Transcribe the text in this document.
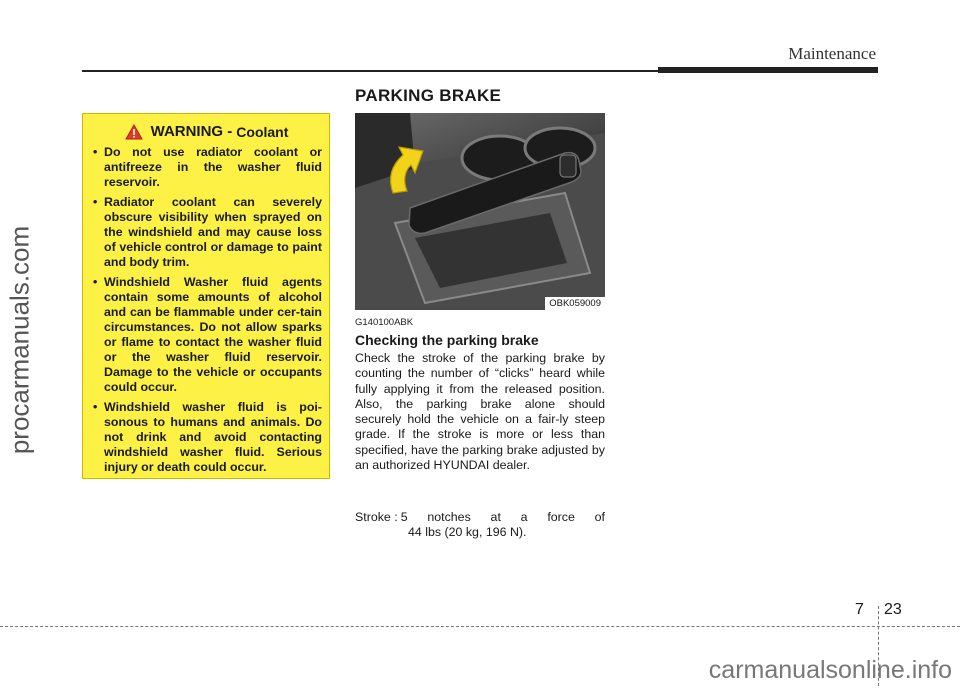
Maintenance
procarmanuals.com
WARNING - Coolant
• Do not use radiator coolant or antifreeze in the washer fluid reservoir.
• Radiator coolant can severely obscure visibility when sprayed on the windshield and may cause loss of vehicle control or damage to paint and body trim.
• Windshield Washer fluid agents contain some amounts of alcohol and can be flammable under cer-tain circumstances. Do not allow sparks or flame to contact the washer fluid or the washer fluid reservoir. Damage to the vehicle or occupants could occur.
• Windshield washer fluid is poi-sonous to humans and animals. Do not drink and avoid contacting windshield washer fluid. Serious injury or death could occur.
PARKING BRAKE
OBK059009
G140100ABK
Checking the parking brake

Check the stroke of the parking brake by counting the number of “clicks” heard while fully applying it from the released position. Also, the parking brake alone should securely hold the vehicle on a fair-ly steep grade. If the stroke is more or less than specified, have the parking brake adjusted by an authorized HYUNDAI dealer.

Stroke : 5 notches at a force of
44 lbs (20 kg, 196 N).
7 23
carmanualsonline.info
